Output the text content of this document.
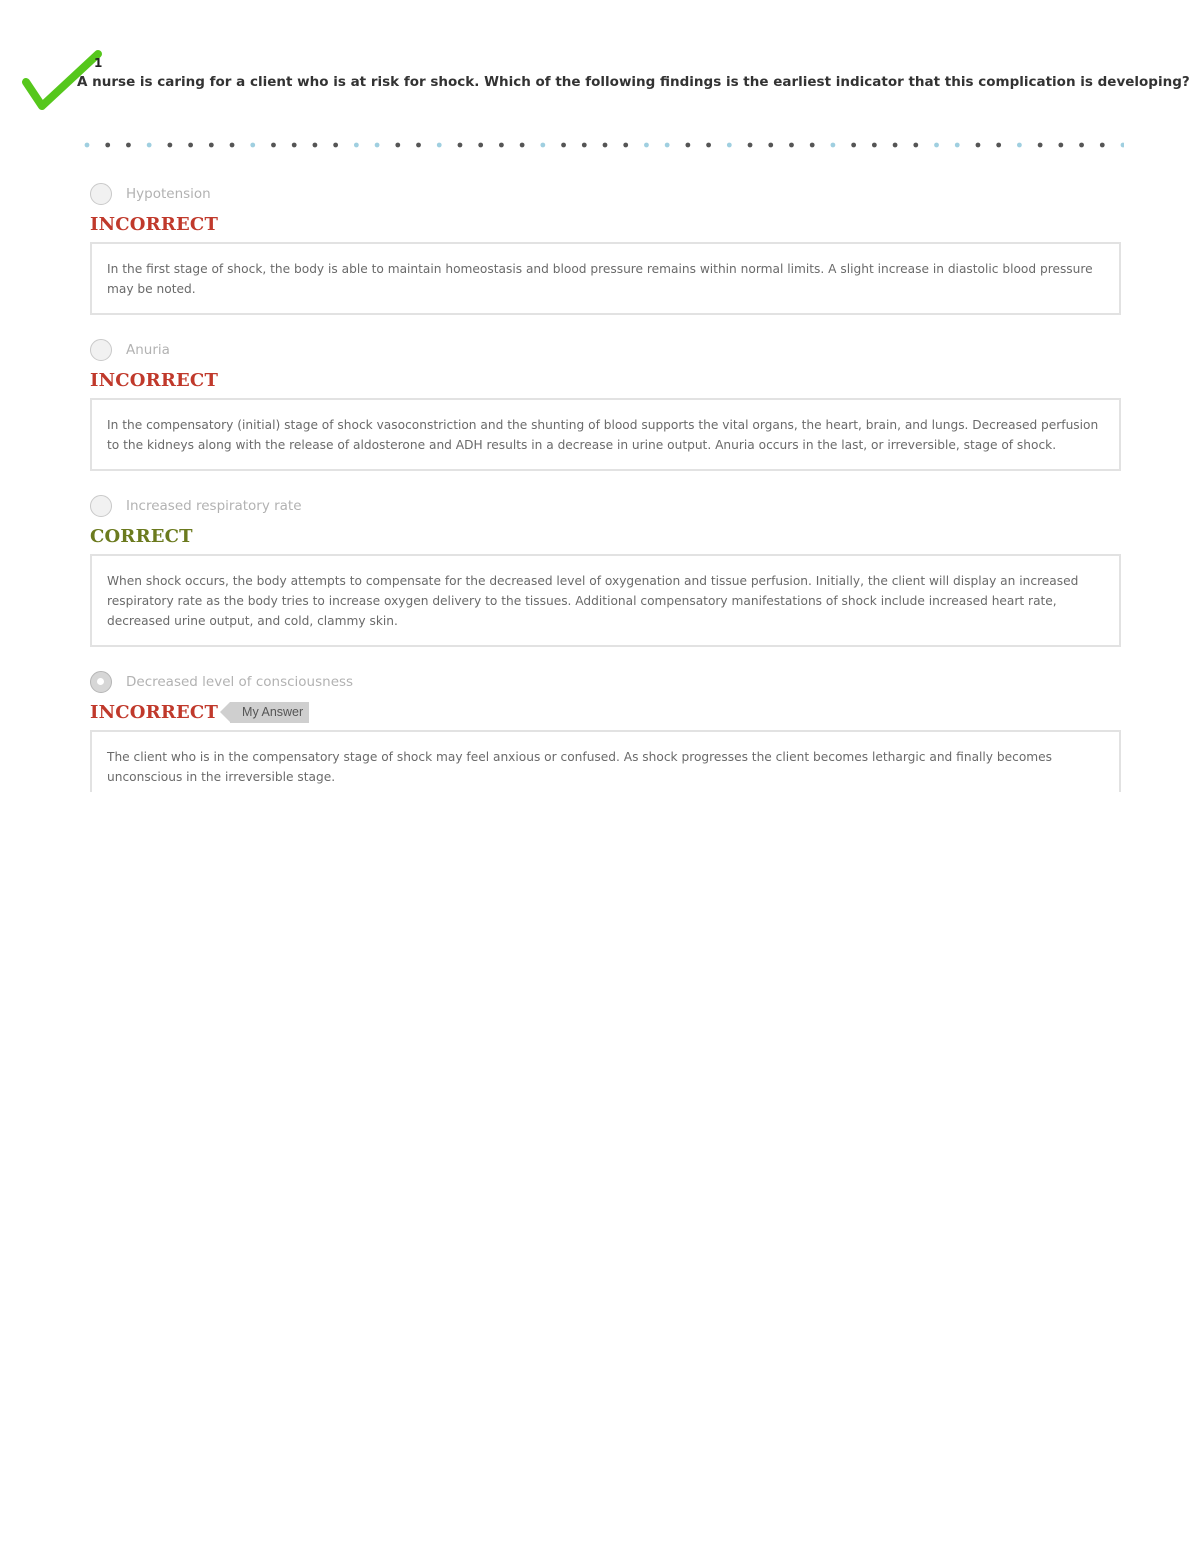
1
A nurse is caring for a client who is at risk for shock. Which of the following findings is the earliest indicator that this complication is developing?
Hypotension
INCORRECT
In the first stage of shock, the body is able to maintain homeostasis and blood pressure remains within normal limits. A slight increase in diastolic blood pressure may be noted.
Anuria
INCORRECT
In the compensatory (initial) stage of shock vasoconstriction and the shunting of blood supports the vital organs, the heart, brain, and lungs. Decreased perfusion to the kidneys along with the release of aldosterone and ADH results in a decrease in urine output. Anuria occurs in the last, or irreversible, stage of shock.
Increased respiratory rate
CORRECT
When shock occurs, the body attempts to compensate for the decreased level of oxygenation and tissue perfusion. Initially, the client will display an increased respiratory rate as the body tries to increase oxygen delivery to the tissues. Additional compensatory manifestations of shock include increased heart rate, decreased urine output, and cold, clammy skin.
Decreased level of consciousness
INCORRECT	My Answer
The client who is in the compensatory stage of shock may feel anxious or confused. As shock progresses the client becomes lethargic and finally becomes unconscious in the irreversible stage.
